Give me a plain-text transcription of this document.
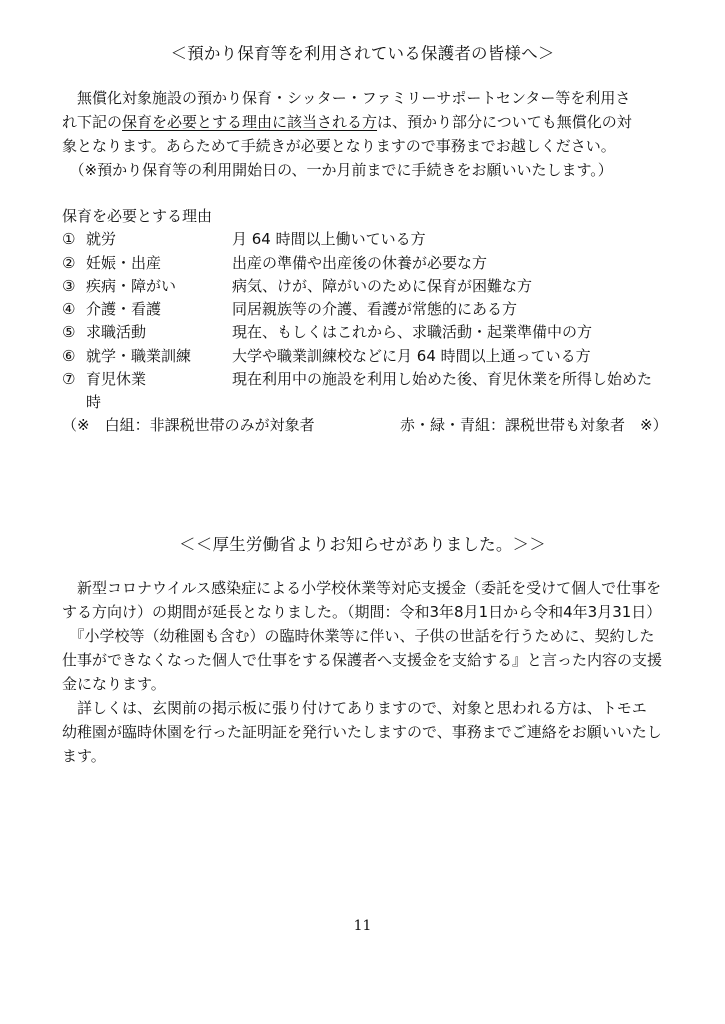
＜預かり保育等を利用されている保護者の皆様へ＞
　無償化対象施設の預かり保育・シッター・ファミリーサポートセンター等を利用さ
れ下記の保育を必要とする理由に該当される方は、預かり部分についても無償化の対
象となります。あらためて手続きが必要となりますので事務までお越しください。
　（※預かり保育等の利用開始日の、一か月前までに手続きをお願いいたします。）
保育を必要とする理由
① 就労	月 64 時間以上働いている方
② 妊娠・出産	出産の準備や出産後の休養が必要な方
③ 疾病・障がい	病気、けが、障がいのために保育が困難な方
④ 介護・看護	同居親族等の介護、看護が常態的にある方
⑤ 求職活動	現在、もしくはこれから、求職活動・起業準備中の方
⑥ 就学・職業訓練	大学や職業訓練校などに月 64 時間以上通っている方
⑦ 育児休業	現在利用中の施設を利用し始めた後、育児休業を所得し始めた
時
（※　白組：非課税世帯のみが対象者	赤・緑・青組：課税世帯も対象者　※）
＜＜厚生労働省よりお知らせがありました。＞＞
　新型コロナウイルス感染症による小学校休業等対応支援金（委託を受けて個人で仕事を
する方向け）の期間が延長となりました。（期間：令和3年8月1日から令和4年3月31日）
　『小学校等（幼稚園も含む）の臨時休業等に伴い、子供の世話を行うために、契約した
仕事ができなくなった個人で仕事をする保護者へ支援金を支給する』と言った内容の支援
金になります。
　詳しくは、玄関前の掲示板に張り付けてありますので、対象と思われる方は、トモエ
幼稚園が臨時休園を行った証明証を発行いたしますので、事務までご連絡をお願いいたし
ます。
11
